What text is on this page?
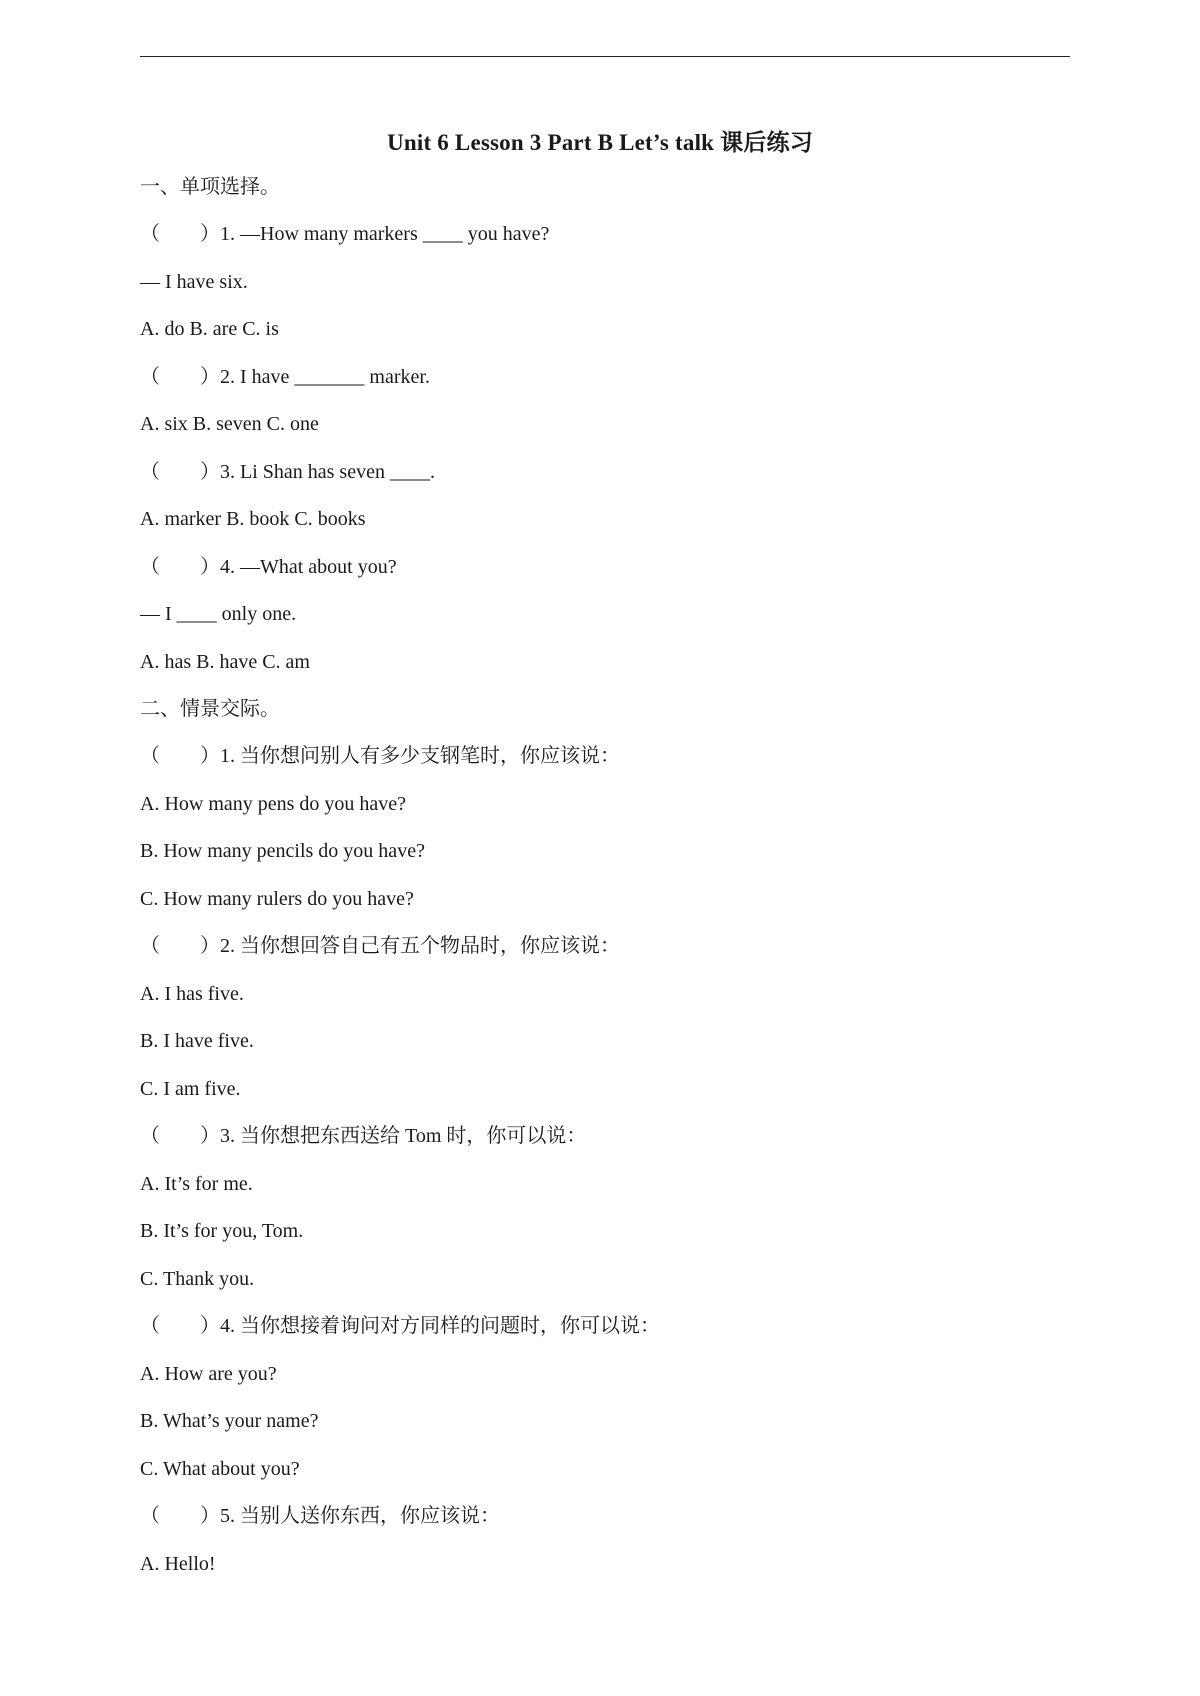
Unit 6 Lesson 3 Part B Let’s talk 课后练习
一、单项选择。
（        ）1. —How many markers ____ you have?
— I have six.
A. do B. are C. is
（        ）2. I have _______ marker.
A. six B. seven C. one
（        ）3. Li Shan has seven ____.
A. marker B. book C. books
（        ）4. —What about you?
— I ____ only one.
A. has B. have C. am
二、情景交际。
（        ）1. 当你想问别人有多少支钢笔时，你应该说：
A. How many pens do you have?
B. How many pencils do you have?
C. How many rulers do you have?
（        ）2. 当你想回答自己有五个物品时，你应该说：
A. I has five.
B. I have five.
C. I am five.
（        ）3. 当你想把东西送给 Tom 时，你可以说：
A. It’s for me.
B. It’s for you, Tom.
C. Thank you.
（        ）4. 当你想接着询问对方同样的问题时，你可以说：
A. How are you?
B. What’s your name?
C. What about you?
（        ）5. 当别人送你东西，你应该说：
A. Hello!
